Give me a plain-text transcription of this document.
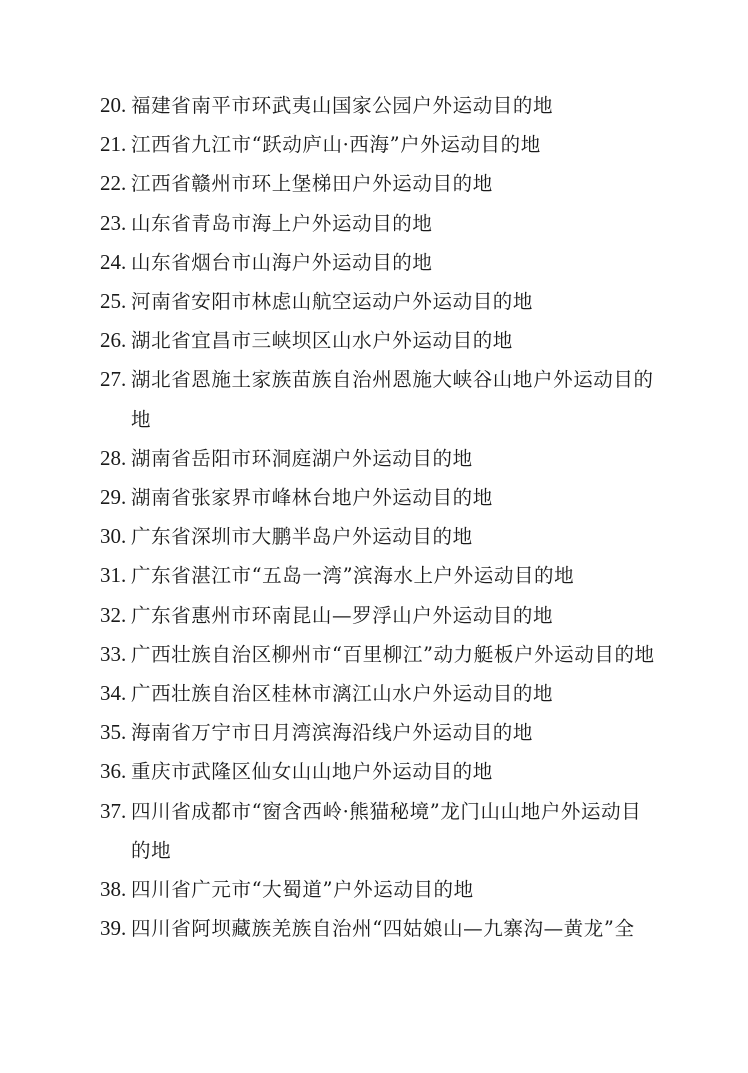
20. 福建省南平市环武夷山国家公园户外运动目的地
21. 江西省九江市“跃动庐山·西海”户外运动目的地
22. 江西省赣州市环上堡梯田户外运动目的地
23. 山东省青岛市海上户外运动目的地
24. 山东省烟台市山海户外运动目的地
25. 河南省安阳市林虑山航空运动户外运动目的地
26. 湖北省宜昌市三峡坝区山水户外运动目的地
27. 湖北省恩施土家族苗族自治州恩施大峡谷山地户外运动目的地
28. 湖南省岳阳市环洞庭湖户外运动目的地
29. 湖南省张家界市峰林台地户外运动目的地
30. 广东省深圳市大鹏半岛户外运动目的地
31. 广东省湛江市“五岛一湾”滨海水上户外运动目的地
32. 广东省惠州市环南昆山—罗浮山户外运动目的地
33. 广西壮族自治区柳州市“百里柳江”动力艇板户外运动目的地
34. 广西壮族自治区桂林市漓江山水户外运动目的地
35. 海南省万宁市日月湾滨海沿线户外运动目的地
36. 重庆市武隆区仙女山山地户外运动目的地
37. 四川省成都市“窗含西岭·熊猫秘境”龙门山山地户外运动目的地
38. 四川省广元市“大蜀道”户外运动目的地
39. 四川省阿坝藏族羌族自治州“四姑娘山—九寨沟—黄龙”全
